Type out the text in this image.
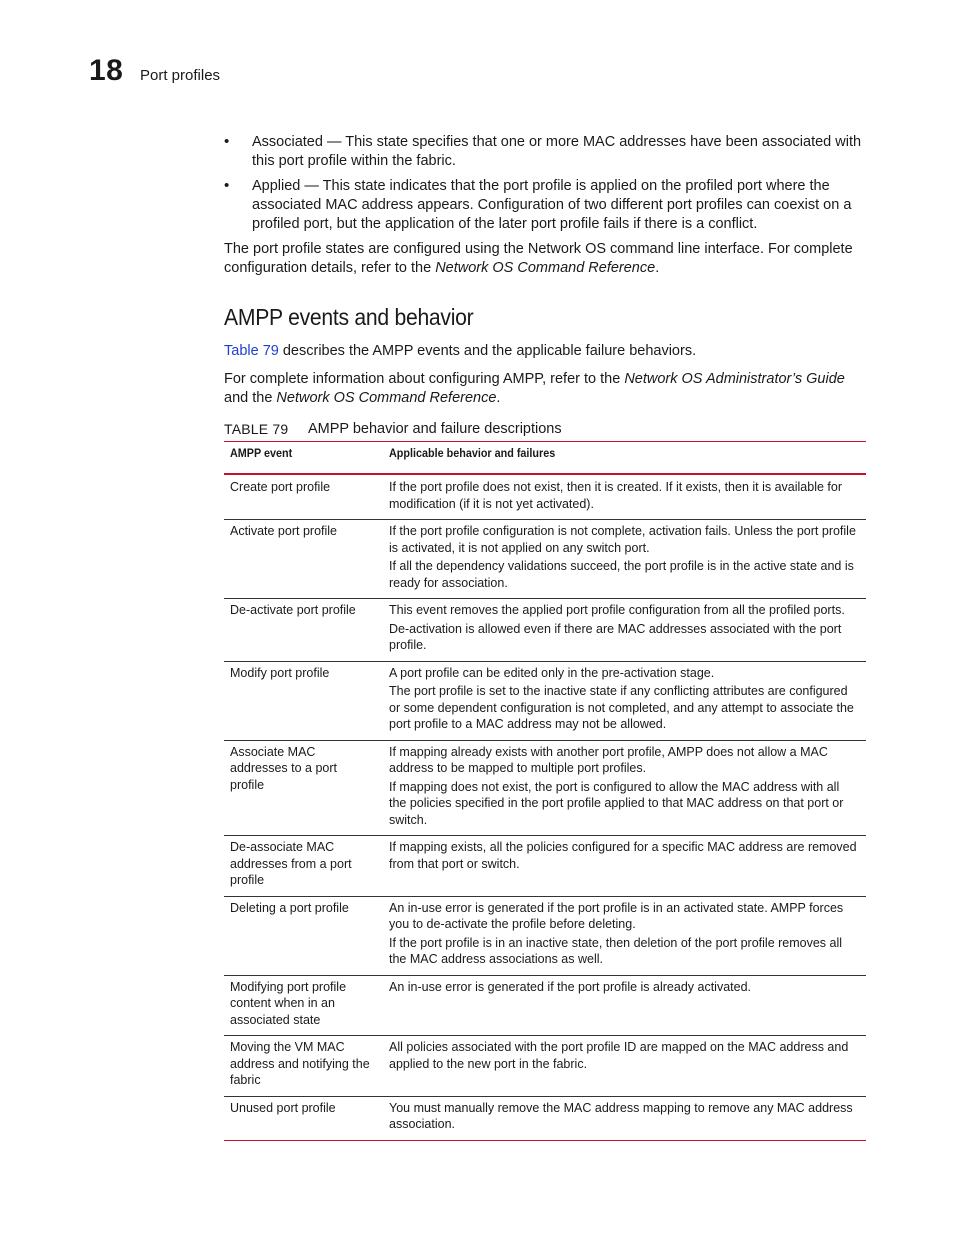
18	Port profiles
• Associated — This state specifies that one or more MAC addresses have been associated with this port profile within the fabric.
• Applied — This state indicates that the port profile is applied on the profiled port where the associated MAC address appears. Configuration of two different port profiles can coexist on a profiled port, but the application of the later port profile fails if there is a conflict.

The port profile states are configured using the Network OS command line interface. For complete configuration details, refer to the Network OS Command Reference.

AMPP events and behavior

Table 79 describes the AMPP events and the applicable failure behaviors.

For complete information about configuring AMPP, refer to the Network OS Administrator’s Guide and the Network OS Command Reference.

TABLE 79	AMPP behavior and failure descriptions
AMPP event	Applicable behavior and failures
Create port profile	If the port profile does not exist, then it is created. If it exists, then it is available for modification (if it is not yet activated).

Activate port profile	If the port profile configuration is not complete, activation fails. Unless the port profile is activated, it is not applied on any switch port.
If all the dependency validations succeed, the port profile is in the active state and is ready for association.

De-activate port profile	This event removes the applied port profile configuration from all the profiled ports.
De-activation is allowed even if there are MAC addresses associated with the port profile.

Modify port profile	A port profile can be edited only in the pre-activation stage.
The port profile is set to the inactive state if any conflicting attributes are configured or some dependent configuration is not completed, and any attempt to associate the port profile to a MAC address may not be allowed.

Associate MAC addresses to a port profile	If mapping already exists with another port profile, AMPP does not allow a MAC address to be mapped to multiple port profiles.
If mapping does not exist, the port is configured to allow the MAC address with all the policies specified in the port profile applied to that MAC address on that port or switch.

De-associate MAC addresses from a port profile	If mapping exists, all the policies configured for a specific MAC address are removed from that port or switch.

Deleting a port profile	An in-use error is generated if the port profile is in an activated state. AMPP forces you to de-activate the profile before deleting.
If the port profile is in an inactive state, then deletion of the port profile removes all the MAC address associations as well.

Modifying port profile content when in an associated state	An in-use error is generated if the port profile is already activated.

Moving the VM MAC address and notifying the fabric	All policies associated with the port profile ID are mapped on the MAC address and applied to the new port in the fabric.

Unused port profile	You must manually remove the MAC address mapping to remove any MAC address association.
